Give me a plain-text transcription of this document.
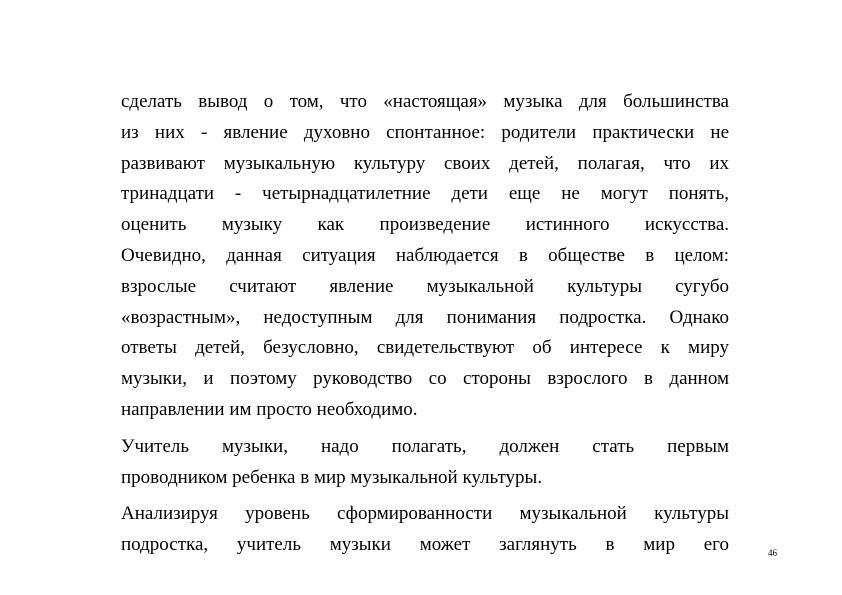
сделать вывод о том, что «настоящая» музыка для большинства
из них - явление духовно спонтанное: родители практически не
развивают музыкальную культуру своих детей, полагая, что их
тринадцати - четырнадцатилетние дети еще не могут понять,
оценить музыку как произведение истинного искусства.
Очевидно, данная ситуация наблюдается в обществе в целом:
взрослые считают явление музыкальной культуры сугубо
«возрастным», недоступным для понимания подростка. Однако
ответы детей, безусловно, свидетельствуют об интересе к миру
музыки, и поэтому руководство со стороны взрослого в данном
направлении им просто необходимо.

Учитель музыки, надо полагать, должен стать первым
проводником ребенка в мир музыкальной культуры.

Анализируя уровень сформированности музыкальной культуры
подростка, учитель музыки может заглянуть в мир его	46
